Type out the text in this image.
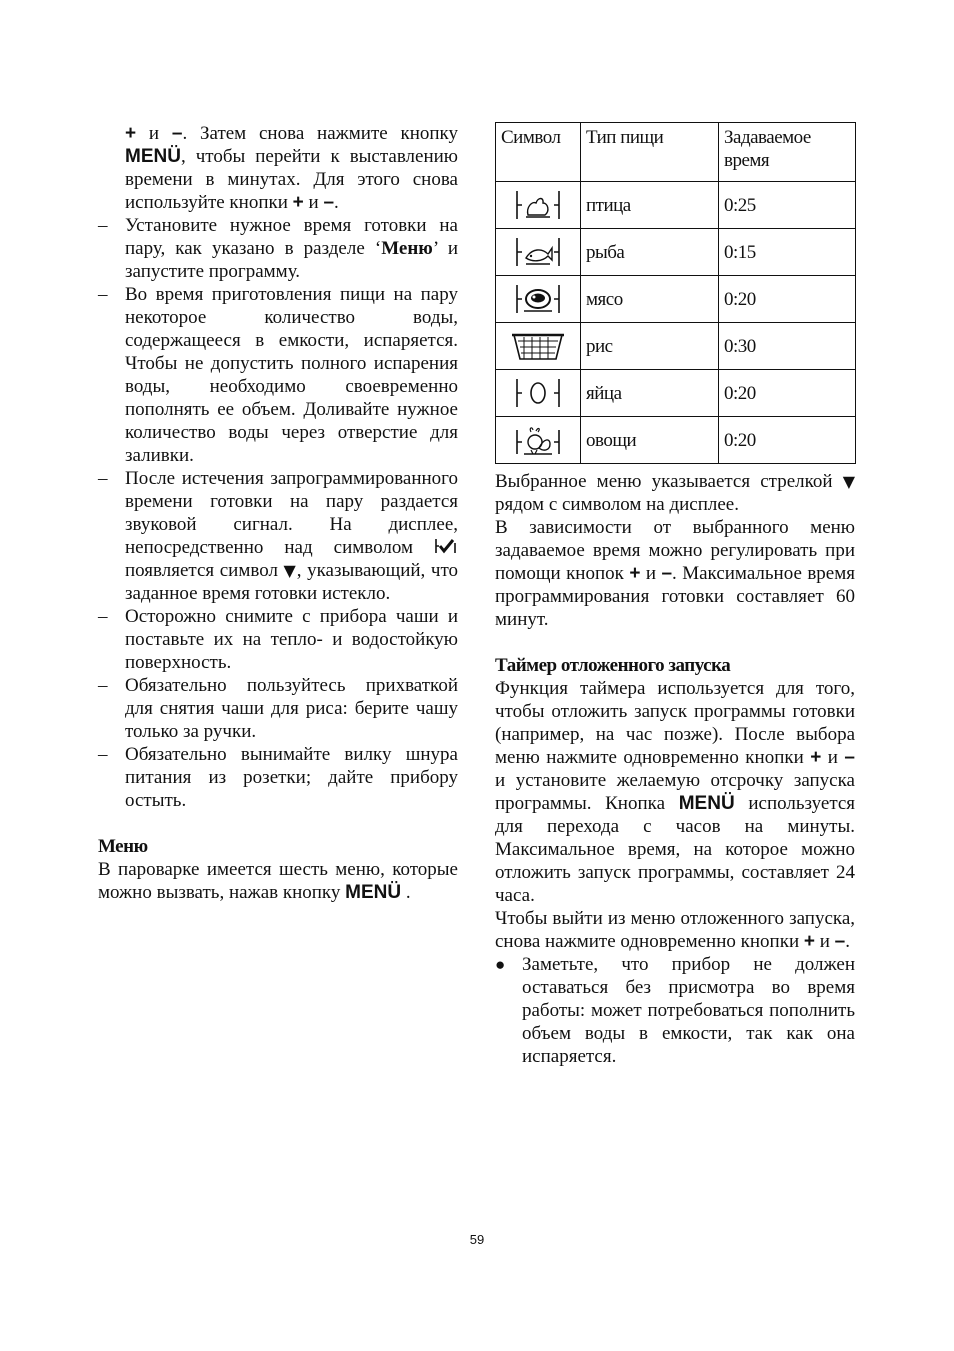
+ и –. Затем снова нажмите кнопку MENÜ, чтобы перейти к выставлению времени в минутах. Для этого снова используйте кнопки + и –.

– Установите нужное время готовки на пару, как указано в разделе ‘Меню’ и запустите программу.
– Во время приготовления пищи на пару некоторое количество воды, содержащееся в емкости, испаряется. Чтобы не допустить полного испарения воды, необходимо своевременно пополнять ее объем. Доливайте нужное количество воды через отверстие для заливки.
– После истечения запрограммированного времени готовки на пару раздается звуковой сигнал. На дисплее, непосредственно над символом  появляется символ ▼, указывающий, что заданное время готовки истекло.
– Осторожно снимите с прибора чаши и поставьте их на тепло- и водостойкую поверхность.
– Обязательно пользуйтесь прихваткой для снятия чаши для риса: берите чашу только за ручки.
– Обязательно вынимайте вилку шнура питания из розетки; дайте прибору остыть.

Меню

В пароварке имеется шесть меню, которые можно вызвать, нажав кнопку MENÜ .

Символ	Тип пищи	Задаваемое время

	птица	0:25

	рыба	0:15

	мясо	0:20

	рис	0:30

	яйца	0:20

	овощи	0:20

Выбранное меню указывается стрелкой ▼ рядом с символом на дисплее.

В зависимости от выбранного меню задаваемое время можно регулировать при помощи кнопок + и –. Максимальное время программирования готовки составляет 60 минут.

Таймер отложенного запуска

Функция таймера используется для того, чтобы отложить запуск программы готовки (например, на час позже). После выбора меню нажмите одновременно кнопки + и – и установите желаемую отсрочку запуска программы. Кнопка MENÜ используется для перехода с часов на минуты. Максимальное время, на которое можно отложить запуск программы, составляет 24 часа.

Чтобы выйти из меню отложенного запуска, снова нажмите одновременно кнопки + и –.

● Заметьте, что прибор не должен оставаться без присмотра во время работы: может потребоваться пополнить объем воды в емкости, так как она испаряется.
59
